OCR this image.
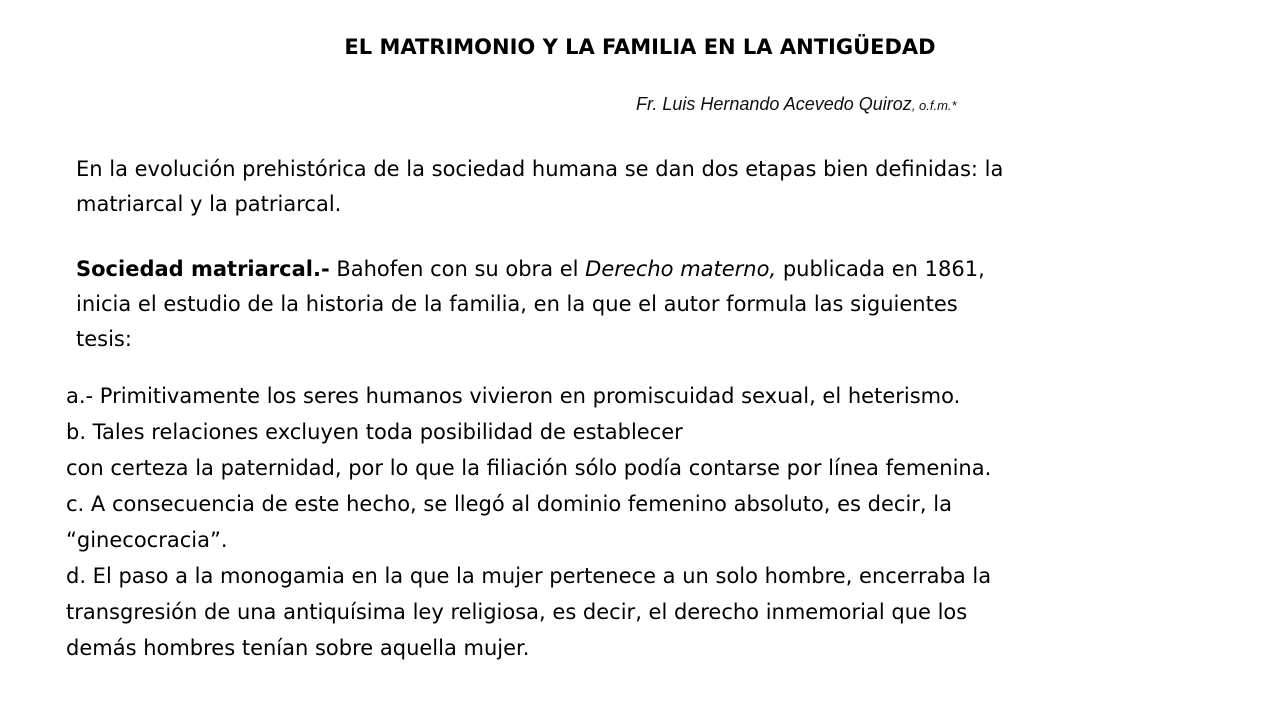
EL MATRIMONIO Y LA FAMILIA EN LA ANTIGÜEDAD
Fr. Luis Hernando Acevedo Quiroz, o.f.m.*
En la evolución prehistórica de la sociedad humana se dan dos etapas bien definidas: la
matriarcal y la patriarcal.
Sociedad matriarcal.- Bahofen con su obra el Derecho materno, publicada en 1861,
inicia el estudio de la historia de la familia, en la que el autor formula las siguientes
tesis:
a.- Primitivamente los seres humanos vivieron en promiscuidad sexual, el heterismo.
b. Tales relaciones excluyen toda posibilidad de establecer
con certeza la paternidad, por lo que la filiación sólo podía contarse por línea femenina.
c. A consecuencia de este hecho, se llegó al dominio femenino absoluto, es decir, la
“ginecocracia”.
d. El paso a la monogamia en la que la mujer pertenece a un solo hombre, encerraba la
transgresión de una antiquísima ley religiosa, es decir, el derecho inmemorial que los
demás hombres tenían sobre aquella mujer.
